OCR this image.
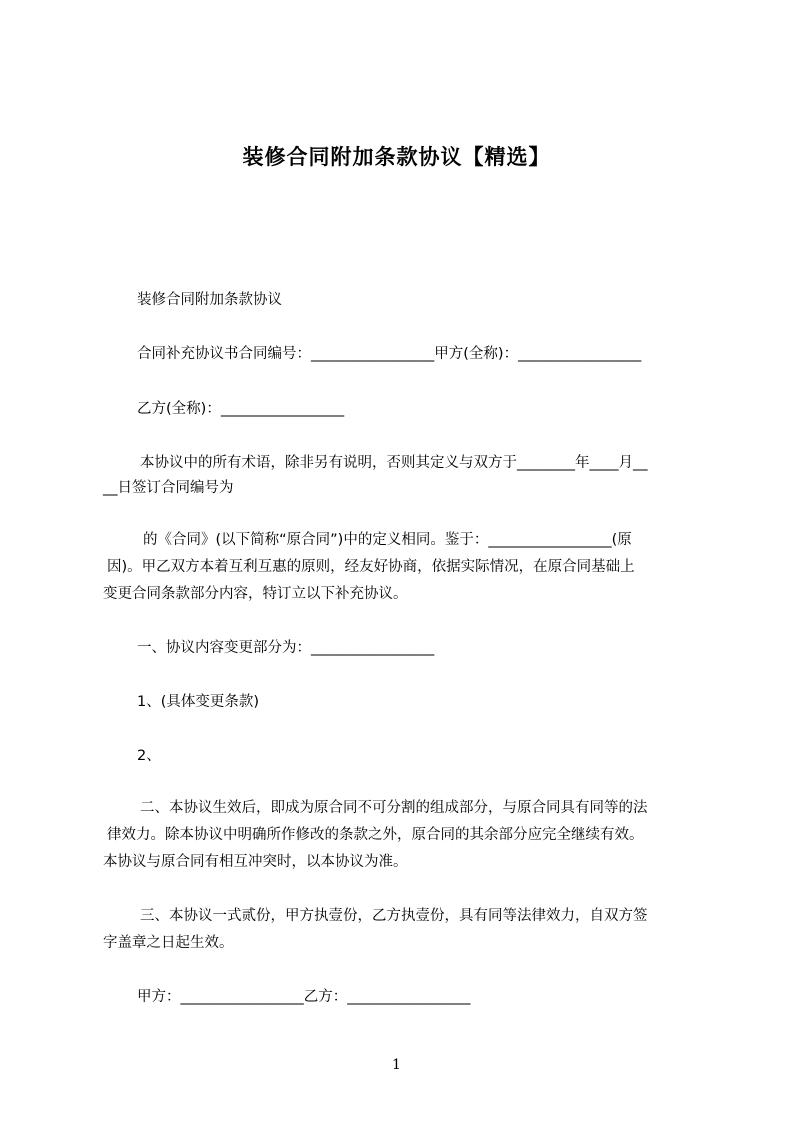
装修合同附加条款协议【精选】
装修合同附加条款协议
合同补充协议书合同编号：_________________甲方(全称)：_________________
乙方(全称)：_________________
本协议中的所有术语，除非另有说明，否则其定义与双方于________年____月__
__日签订合同编号为
的《合同》(以下简称“原合同”)中的定义相同。鉴于：_________________(原
因)。甲乙双方本着互利互惠的原则，经友好协商，依据实际情况，在原合同基础上
变更合同条款部分内容，特订立以下补充协议。
一、协议内容变更部分为：_________________
1、(具体变更条款)
2、
二、本协议生效后，即成为原合同不可分割的组成部分，与原合同具有同等的法
律效力。除本协议中明确所作修改的条款之外，原合同的其余部分应完全继续有效。
本协议与原合同有相互冲突时，以本协议为准。
三、本协议一式贰份，甲方执壹份，乙方执壹份，具有同等法律效力，自双方签
字盖章之日起生效。
甲方：_________________乙方：_________________
1
